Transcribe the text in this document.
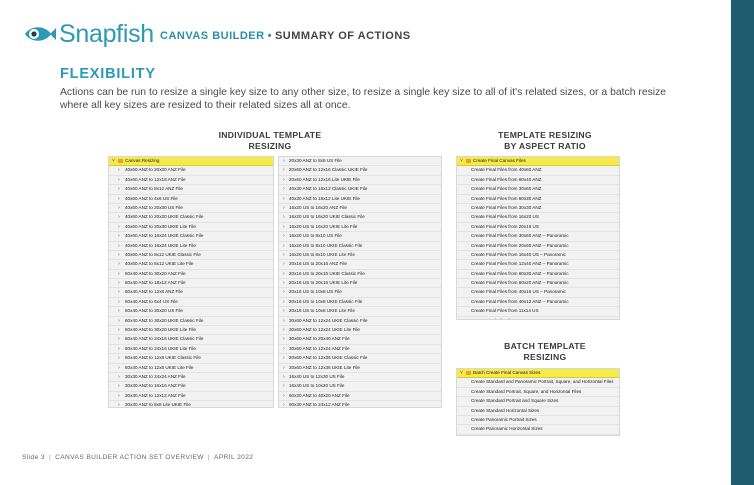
Snapfish CANVAS BUILDER • SUMMARY OF ACTIONS
FLEXIBILITY
Actions can be run to resize a single key size to any other size, to resize a single key size to all of it's related sizes, or a batch resize where all key sizes are resized to their related sizes all at once.
INDIVIDUAL TEMPLATE
RESIZING
TEMPLATE RESIZING
BY ASPECT RATIO
BATCH TEMPLATE
RESIZING
˅ Canvas Resizing
› 40x60 ANZ to 20x30 ANZ File
› 40x60 ANZ to 12x18 ANZ File
› 40x60 ANZ to 8x12 ANZ File
› 40x60 ANZ to 4x6 US File
› 40x60 ANZ to 20x30 US File
› 40x60 ANZ to 20x30 UKIE Classic File
› 40x60 ANZ to 20x30 UKIE Lite File
› 40x60 ANZ to 16x24 UKIE Classic File
› 40x60 ANZ to 16x24 UKIE Lite File
› 40x60 ANZ to 8x12 UKIE Classic File
› 40x60 ANZ to 8x12 UKIE Lite File
› 60x40 ANZ to 30x20 ANZ File
› 60x40 ANZ to 18x12 ANZ File
› 60x40 ANZ to 12x8 ANZ File
› 60x40 ANZ to 6x4 US File
› 60x40 ANZ to 30x20 US File
› 60x40 ANZ to 30x20 UKIE Classic File
› 60x40 ANZ to 30x20 UKIE Lite File
› 60x40 ANZ to 24x16 UKIE Classic File
› 60x40 ANZ to 24x16 UKIE Lite File
› 60x40 ANZ to 12x8 UKIE Classic File
› 60x40 ANZ to 12x8 UKIE Lite File
› 30x30 ANZ to 24x24 ANZ File
› 30x30 ANZ to 16x16 ANZ File
› 30x30 ANZ to 12x12 ANZ File
› 30x30 ANZ to 8x8 Lite UKIE File
› 20x30 ANZ to 8x8 US File
› 20x60 ANZ to 12x16 Classic UKIE File
› 20x60 ANZ to 12x16 Lite UKIE File
› 40x30 ANZ to 16x12 Classic UKIE File
› 40x30 ANZ to 16x12 Lite UKIE File
› 16x20 US to 16x20 ANZ File
› 16x20 US to 16x20 UKIE Classic File
› 16x20 US to 16x20 UKIE Lite File
› 16x20 US to 8x10 US File
› 16x20 US to 8x10 UKIE Classic File
› 16x20 US to 8x10 UKIE Lite File
› 20x16 US to 20x16 ANZ File
› 20x16 US to 20x16 UKIE Classic File
› 20x16 US to 20x16 UKIE Lite File
› 20x16 US to 10x8 US File
› 20x16 US to 10x8 UKIE Classic File
› 20x16 US to 10x8 UKIE Lite File
› 30x60 ANZ to 12x24 UKIE Classic File
› 30x60 ANZ to 12x24 UKIE Lite File
› 30x60 ANZ to 20x40 ANZ File
› 30x60 ANZ to 12x24 ANZ File
› 20x60 ANZ to 12x36 UKIE Classic File
› 20x60 ANZ to 12x36 UKIE Lite File
› 16x40 US to 12x30 US File
› 16x40 US to 10x20 US File
› 60x30 ANZ to 40x20 ANZ File
› 60x30 ANZ to 24x12 ANZ File
˅ Create Final Canvas Files
Create Final Files from 40x60 ANZ
Create Final Files from 60x40 ANZ
Create Final Files from 30x60 ANZ
Create Final Files from 60x30 ANZ
Create Final Files from 30x30 ANZ
Create Final Files from 16x20 US
Create Final Files from 20x16 US
Create Final Files from 30x60 ANZ – Panoramic
Create Final Files from 20x60 ANZ – Panoramic
Create Final Files from 16x40 US – Panoramic
Create Final Files from 12x40 ANZ – Panoramic
Create Final Files from 60x30 ANZ – Panoramic
Create Final Files from 60x20 ANZ – Panoramic
Create Final Files from 40x16 US – Panoramic
Create Final Files from 40x12 ANZ – Panoramic
Create Final Files from 11x14 US
˅ Batch Create Final Canvas Sizes
Create Standard and Panoramic Portrait, Square, and Horizontal Files
Create Standard Portrait, Square, and Horizontal Files
Create Standard Portrait and Square Sizes
Create Standard Horizontal Sizes
Create Panoramic Portrait Sizes
Create Panoramic Horizontal Sizes
Slide 3 | CANVAS BUILDER ACTION SET OVERVIEW | APRIL 2022
